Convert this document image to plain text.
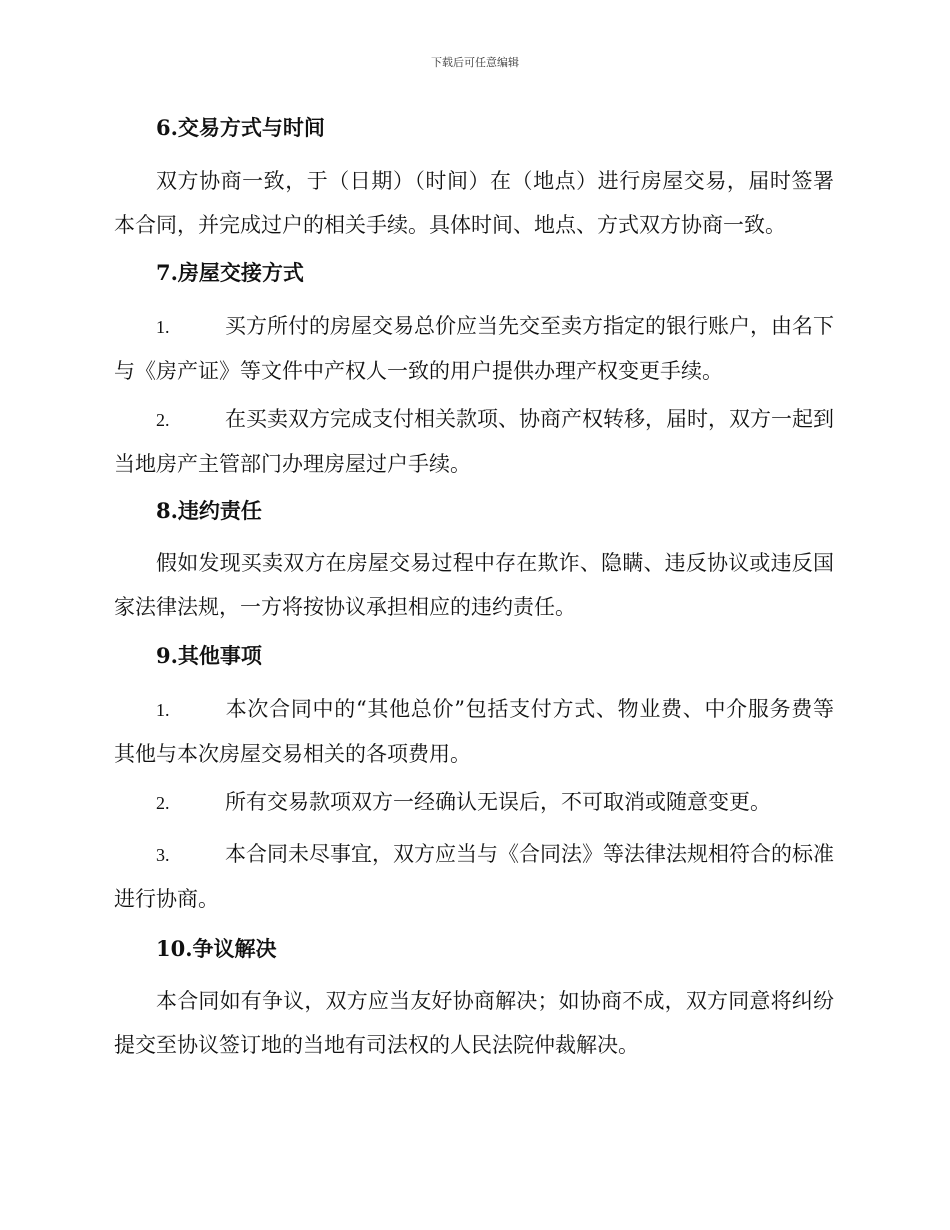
下载后可任意编辑
6.交易方式与时间
双方协商一致，于（日期）（时间）在（地点）进行房屋交易，届时签署本合同，并完成过户的相关手续。具体时间、地点、方式双方协商一致。
7.房屋交接方式
1.	买方所付的房屋交易总价应当先交至卖方指定的银行账户，由名下与《房产证》等文件中产权人一致的用户提供办理产权变更手续。
2.	在买卖双方完成支付相关款项、协商产权转移，届时，双方一起到当地房产主管部门办理房屋过户手续。
8.违约责任
假如发现买卖双方在房屋交易过程中存在欺诈、隐瞒、违反协议或违反国家法律法规，一方将按协议承担相应的违约责任。
9.其他事项
1.	本次合同中的“其他总价”包括支付方式、物业费、中介服务费等其他与本次房屋交易相关的各项费用。
2.	所有交易款项双方一经确认无误后，不可取消或随意变更。
3.	本合同未尽事宜，双方应当与《合同法》等法律法规相符合的标准进行协商。
10.争议解决
本合同如有争议，双方应当友好协商解决；如协商不成，双方同意将纠纷提交至协议签订地的当地有司法权的人民法院仲裁解决。
